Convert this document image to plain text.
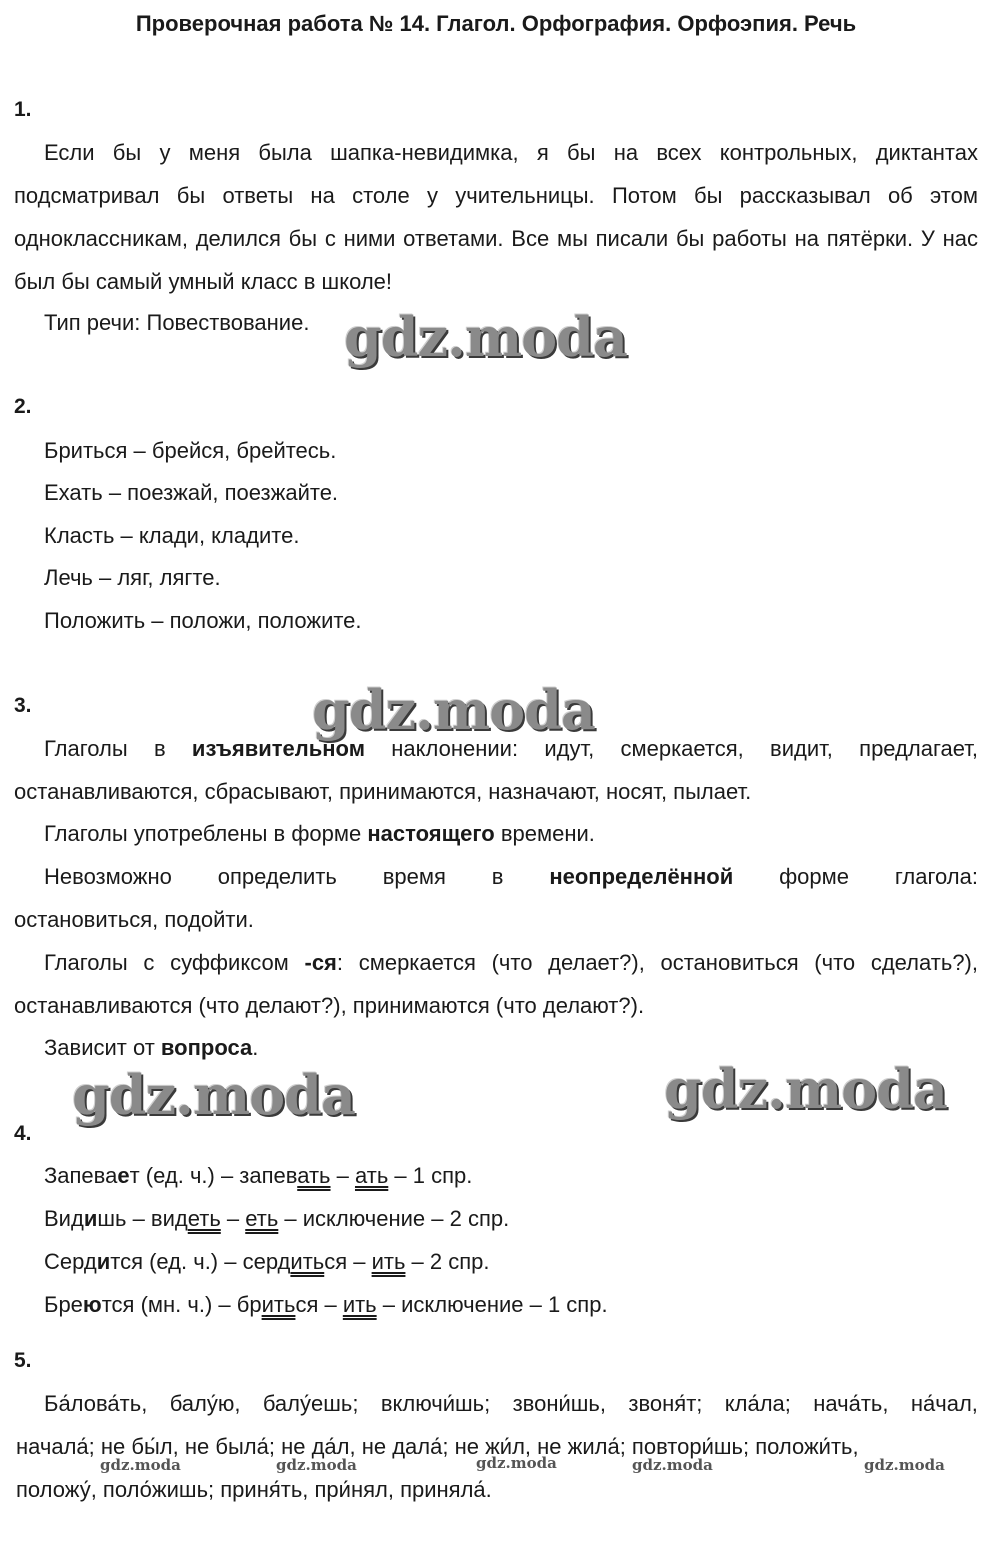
Проверочная работа № 14. Глагол. Орфография. Орфоэпия. Речь
1.
Если бы у меня была шапка-невидимка, я бы на всех контрольных, диктантах подсматривал бы ответы на столе у учительницы. Потом бы рассказывал об этом одноклассникам, делился бы с ними ответами. Все мы писали бы работы на пятёрки. У нас был бы самый умный класс в школе!
Тип речи: Повествование.
2.
Бриться – брейся, брейтесь.
Ехать – поезжай, поезжайте.
Класть – клади, кладите.
Лечь – ляг, лягте.
Положить – положи, положите.
3.
Глаголы в изъявительном наклонении: идут, смеркается, видит, предлагает, останавливаются, сбрасывают, принимаются, назначают, носят, пылает.
Глаголы употреблены в форме настоящего времени.
Невозможно определить время в неопределённой форме глагола:
остановиться, подойти.
Глаголы с суффиксом -ся: смеркается (что делает?), остановиться (что сделать?), останавливаются (что делают?), принимаются (что делают?).
Зависит от вопроса.
4.
Запевает (ед. ч.) – запевать – ать – 1 спр.
Видишь – видеть – еть – исключение – 2 спр.
Сердится (ед. ч.) – сердиться – ить – 2 спр.
Бреются (мн. ч.) – бриться – ить – исключение – 1 спр.
5.
Ба́лова́ть, балу́ю, балу́ешь; включи́шь; звони́шь, звоня́т; кла́ла; нача́ть, на́чал,
начала́; не бы́л, не была́; не да́л, не дала́; не жи́л, не жила́; повтори́шь; положи́ть,
положу́, поло́жишь; приня́ть, при́нял, приняла́.
gdz.moda
gdz.moda
gdz.moda	gdz.moda
gdz.moda	gdz.moda	gdz.moda	gdz.moda	gdz.moda
